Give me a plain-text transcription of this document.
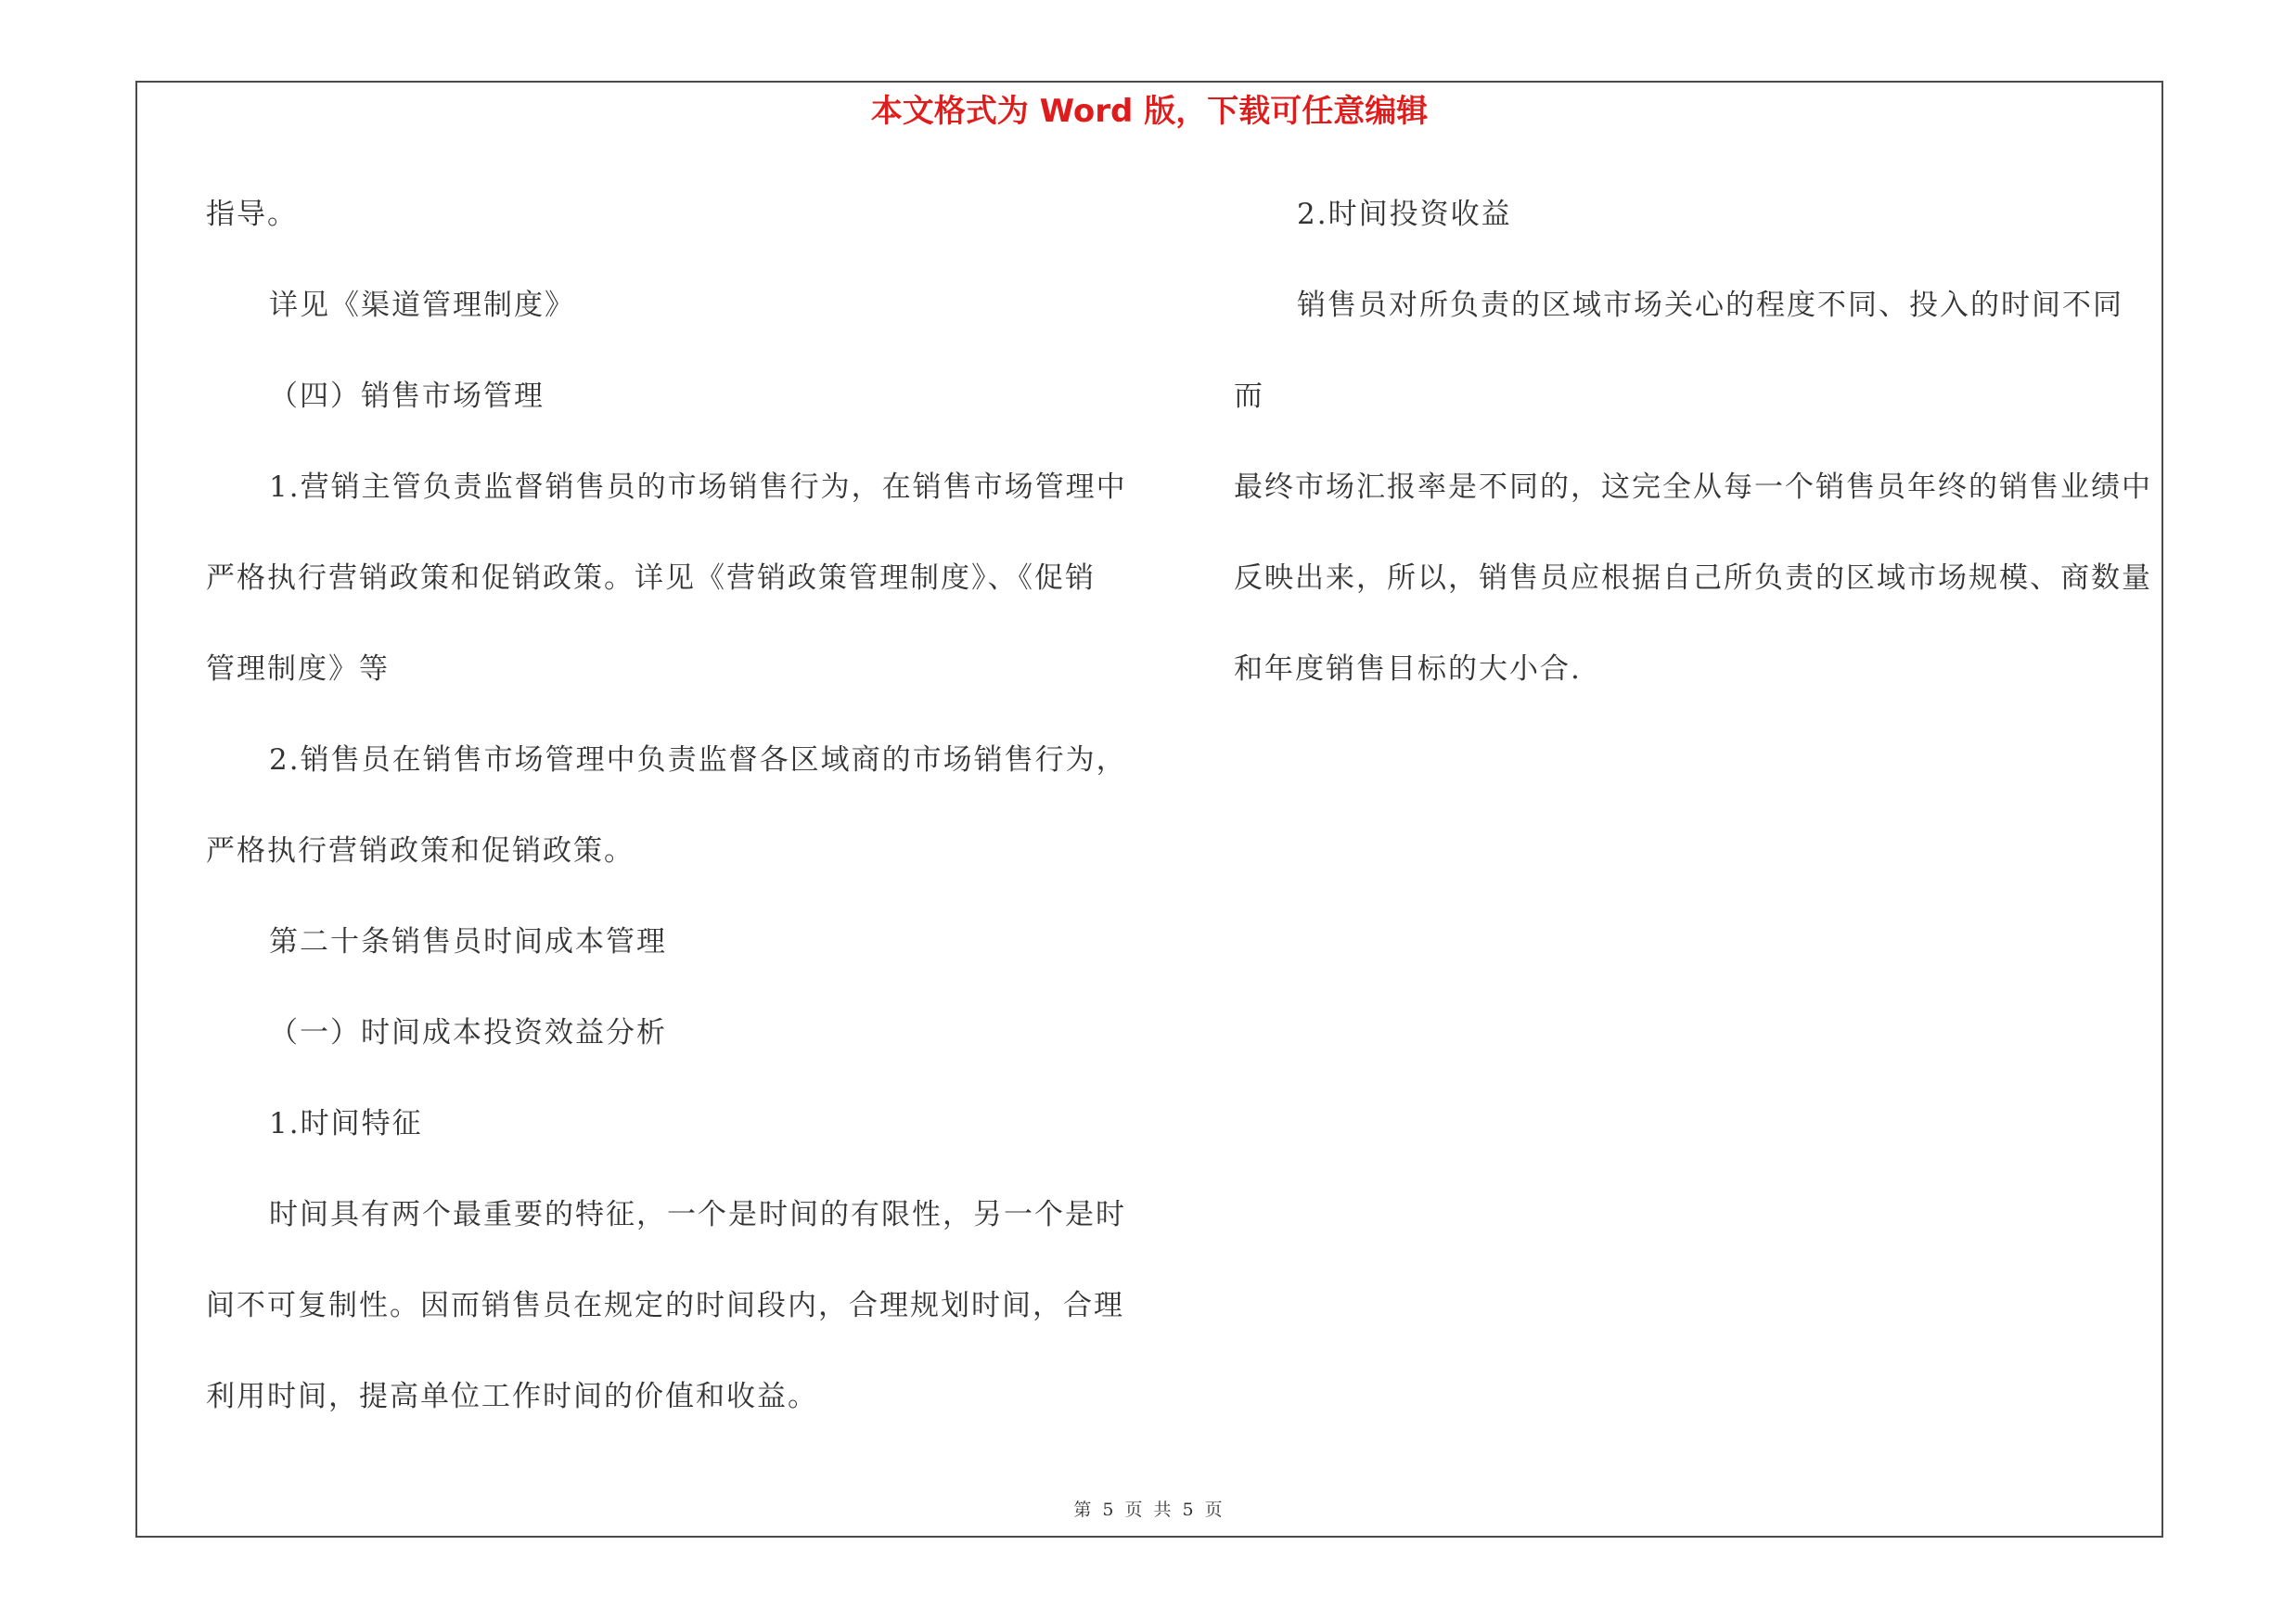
本文格式为 Word 版，下载可任意编辑

指导。

详见《渠道管理制度》

（四）销售市场管理

1.营销主管负责监督销售员的市场销售行为，在销售市场管理中

严格执行营销政策和促销政策。详见《营销政策管理制度》、《促销

管理制度》等

2.销售员在销售市场管理中负责监督各区域商的市场销售行为，

严格执行营销政策和促销政策。

第二十条销售员时间成本管理

（一）时间成本投资效益分析

1.时间特征

时间具有两个最重要的特征，一个是时间的有限性，另一个是时

间不可复制性。因而销售员在规定的时间段内，合理规划时间，合理

利用时间，提高单位工作时间的价值和收益。

2.时间投资收益

销售员对所负责的区域市场关心的程度不同、投入的时间不同而

最终市场汇报率是不同的，这完全从每一个销售员年终的销售业绩中

反映出来，所以，销售员应根据自己所负责的区域市场规模、商数量

和年度销售目标的大小合.

第 5 页 共 5 页
